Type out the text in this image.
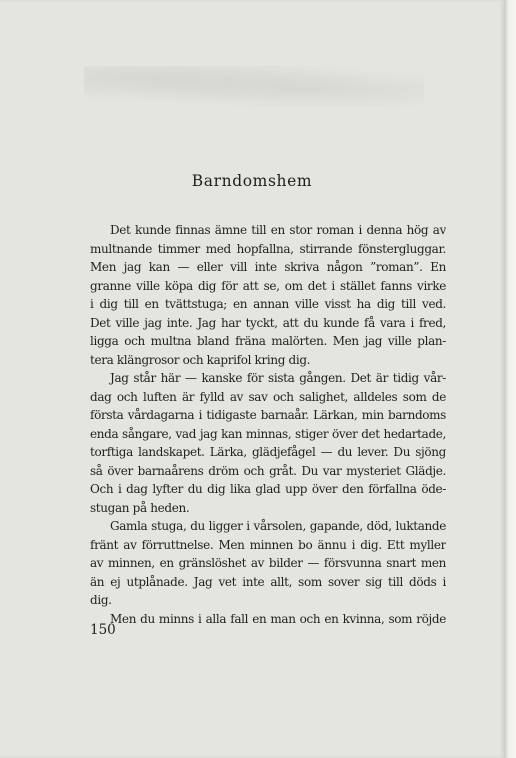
Barndomshem
Det kunde finnas ämne till en stor roman i denna hög av
multnande timmer med hopfallna, stirrande fönstergluggar.
Men jag kan — eller vill inte skriva någon ”roman”. En
granne ville köpa dig för att se, om det i stället fanns virke
i dig till en tvättstuga; en annan ville visst ha dig till ved.
Det ville jag inte. Jag har tyckt, att du kunde få vara i fred,
ligga och multna bland fräna malörten. Men jag ville plan-
tera klängrosor och kaprifol kring dig.
Jag står här — kanske för sista gången. Det är tidig vår-
dag och luften är fylld av sav och salighet, alldeles som de
första vårdagarna i tidigaste barnaår. Lärkan, min barndoms
enda sångare, vad jag kan minnas, stiger över det hedartade,
torftiga landskapet. Lärka, glädjefågel — du lever. Du sjöng
så över barnaårens dröm och gråt. Du var mysteriet Glädje.
Och i dag lyfter du dig lika glad upp över den förfallna öde-
stugan på heden.
Gamla stuga, du ligger i vårsolen, gapande, död, luktande
fränt av förruttnelse. Men minnen bo ännu i dig. Ett myller
av minnen, en gränslöshet av bilder — försvunna snart men
än ej utplånade. Jag vet inte allt, som sover sig till döds i
dig.
Men du minns i alla fall en man och en kvinna, som röjde
150
